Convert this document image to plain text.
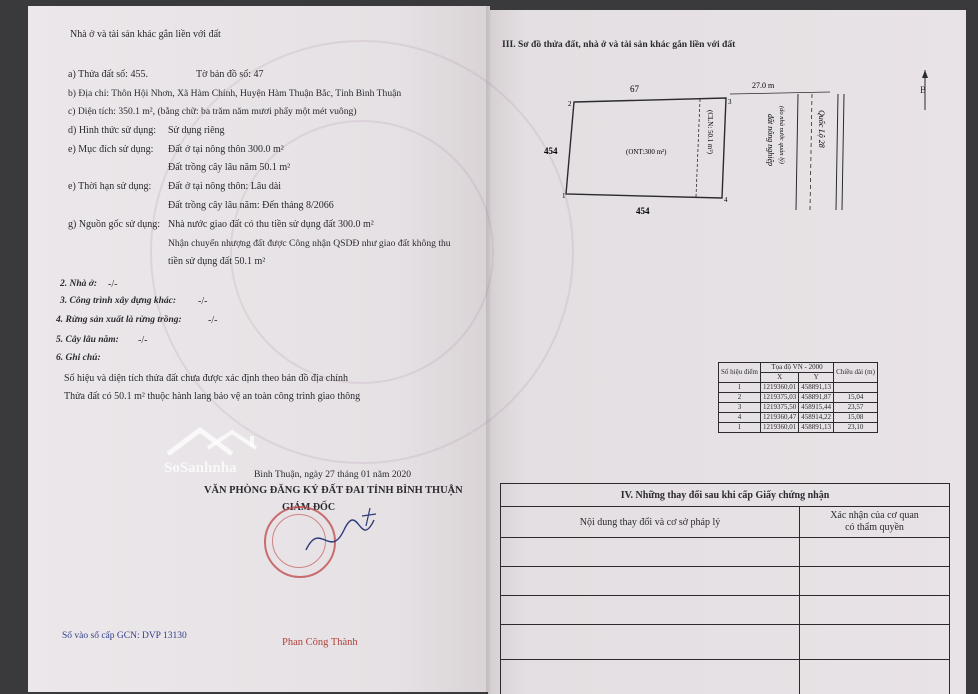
Nhà ở và tài sản khác gắn liền với đất
a) Thửa đất số: 455.	Tờ bản đồ số: 47
b) Địa chỉ: Thôn Hội Nhơn, Xã Hàm Chính, Huyện Hàm Thuận Bắc, Tỉnh Bình Thuận
c) Diện tích: 350.1 m², (bằng chữ: ba trăm năm mươi phẩy một mét vuông)
d) Hình thức sử dụng: Sử dụng riêng
e) Mục đích sử dụng: Đất ở tại nông thôn 300.0 m²
Đất trồng cây lâu năm 50.1 m²
e) Thời hạn sử dụng: Đất ở tại nông thôn: Lâu dài
Đất trồng cây lâu năm: Đến tháng 8/2066
g) Nguồn gốc sử dụng: Nhà nước giao đất có thu tiền sử dụng đất 300.0 m²
Nhận chuyển nhượng đất được Công nhận QSDĐ như giao đất không thu
tiền sử dụng đất 50.1 m²
2. Nhà ở: -/-
3. Công trình xây dựng khác: -/-
4. Rừng sản xuất là rừng trồng:	-/-
5. Cây lâu năm: -/-
6. Ghi chú:
Số hiệu và diện tích thửa đất chưa được xác định theo bản đồ địa chính
Thửa đất có 50.1 m² thuộc hành lang bảo vệ an toàn công trình giao thông
SoSanhnha Bình Thuận, ngày 27 tháng 01 năm 2020
VĂN PHÒNG ĐĂNG KÝ ĐẤT ĐAI TỈNH BÌNH THUẬN
GIÁM ĐỐC
Phan Công Thành
Số vào sổ cấp GCN: DVP 13130
III. Sơ đồ thửa đất, nhà ở và tài sản khác gắn liền với đất
B
67
454
454
27.0 m
(ONT:300 m²)	(CLN: 50.1 m²)	đất nông nghiệp (do nhà nước quản lý)	Quốc Lộ 28
1
2	3
4
Số hiệu điểm	Tọa độ VN - 2000		Chiều dài (m)
	X	Y	
1	1219360,01	458891,13	
2	1219375,03	458891,87	15,04
3	1219375,50	458915,44	23,57
4	1219360,47	458914,22	15,08
1	1219360,01	458891,13	23,10
IV. Những thay đổi sau khi cấp Giấy chứng nhận	
Nội dung thay đổi và cơ sở pháp lý	Xác nhận của cơ quan
có thẩm quyền
